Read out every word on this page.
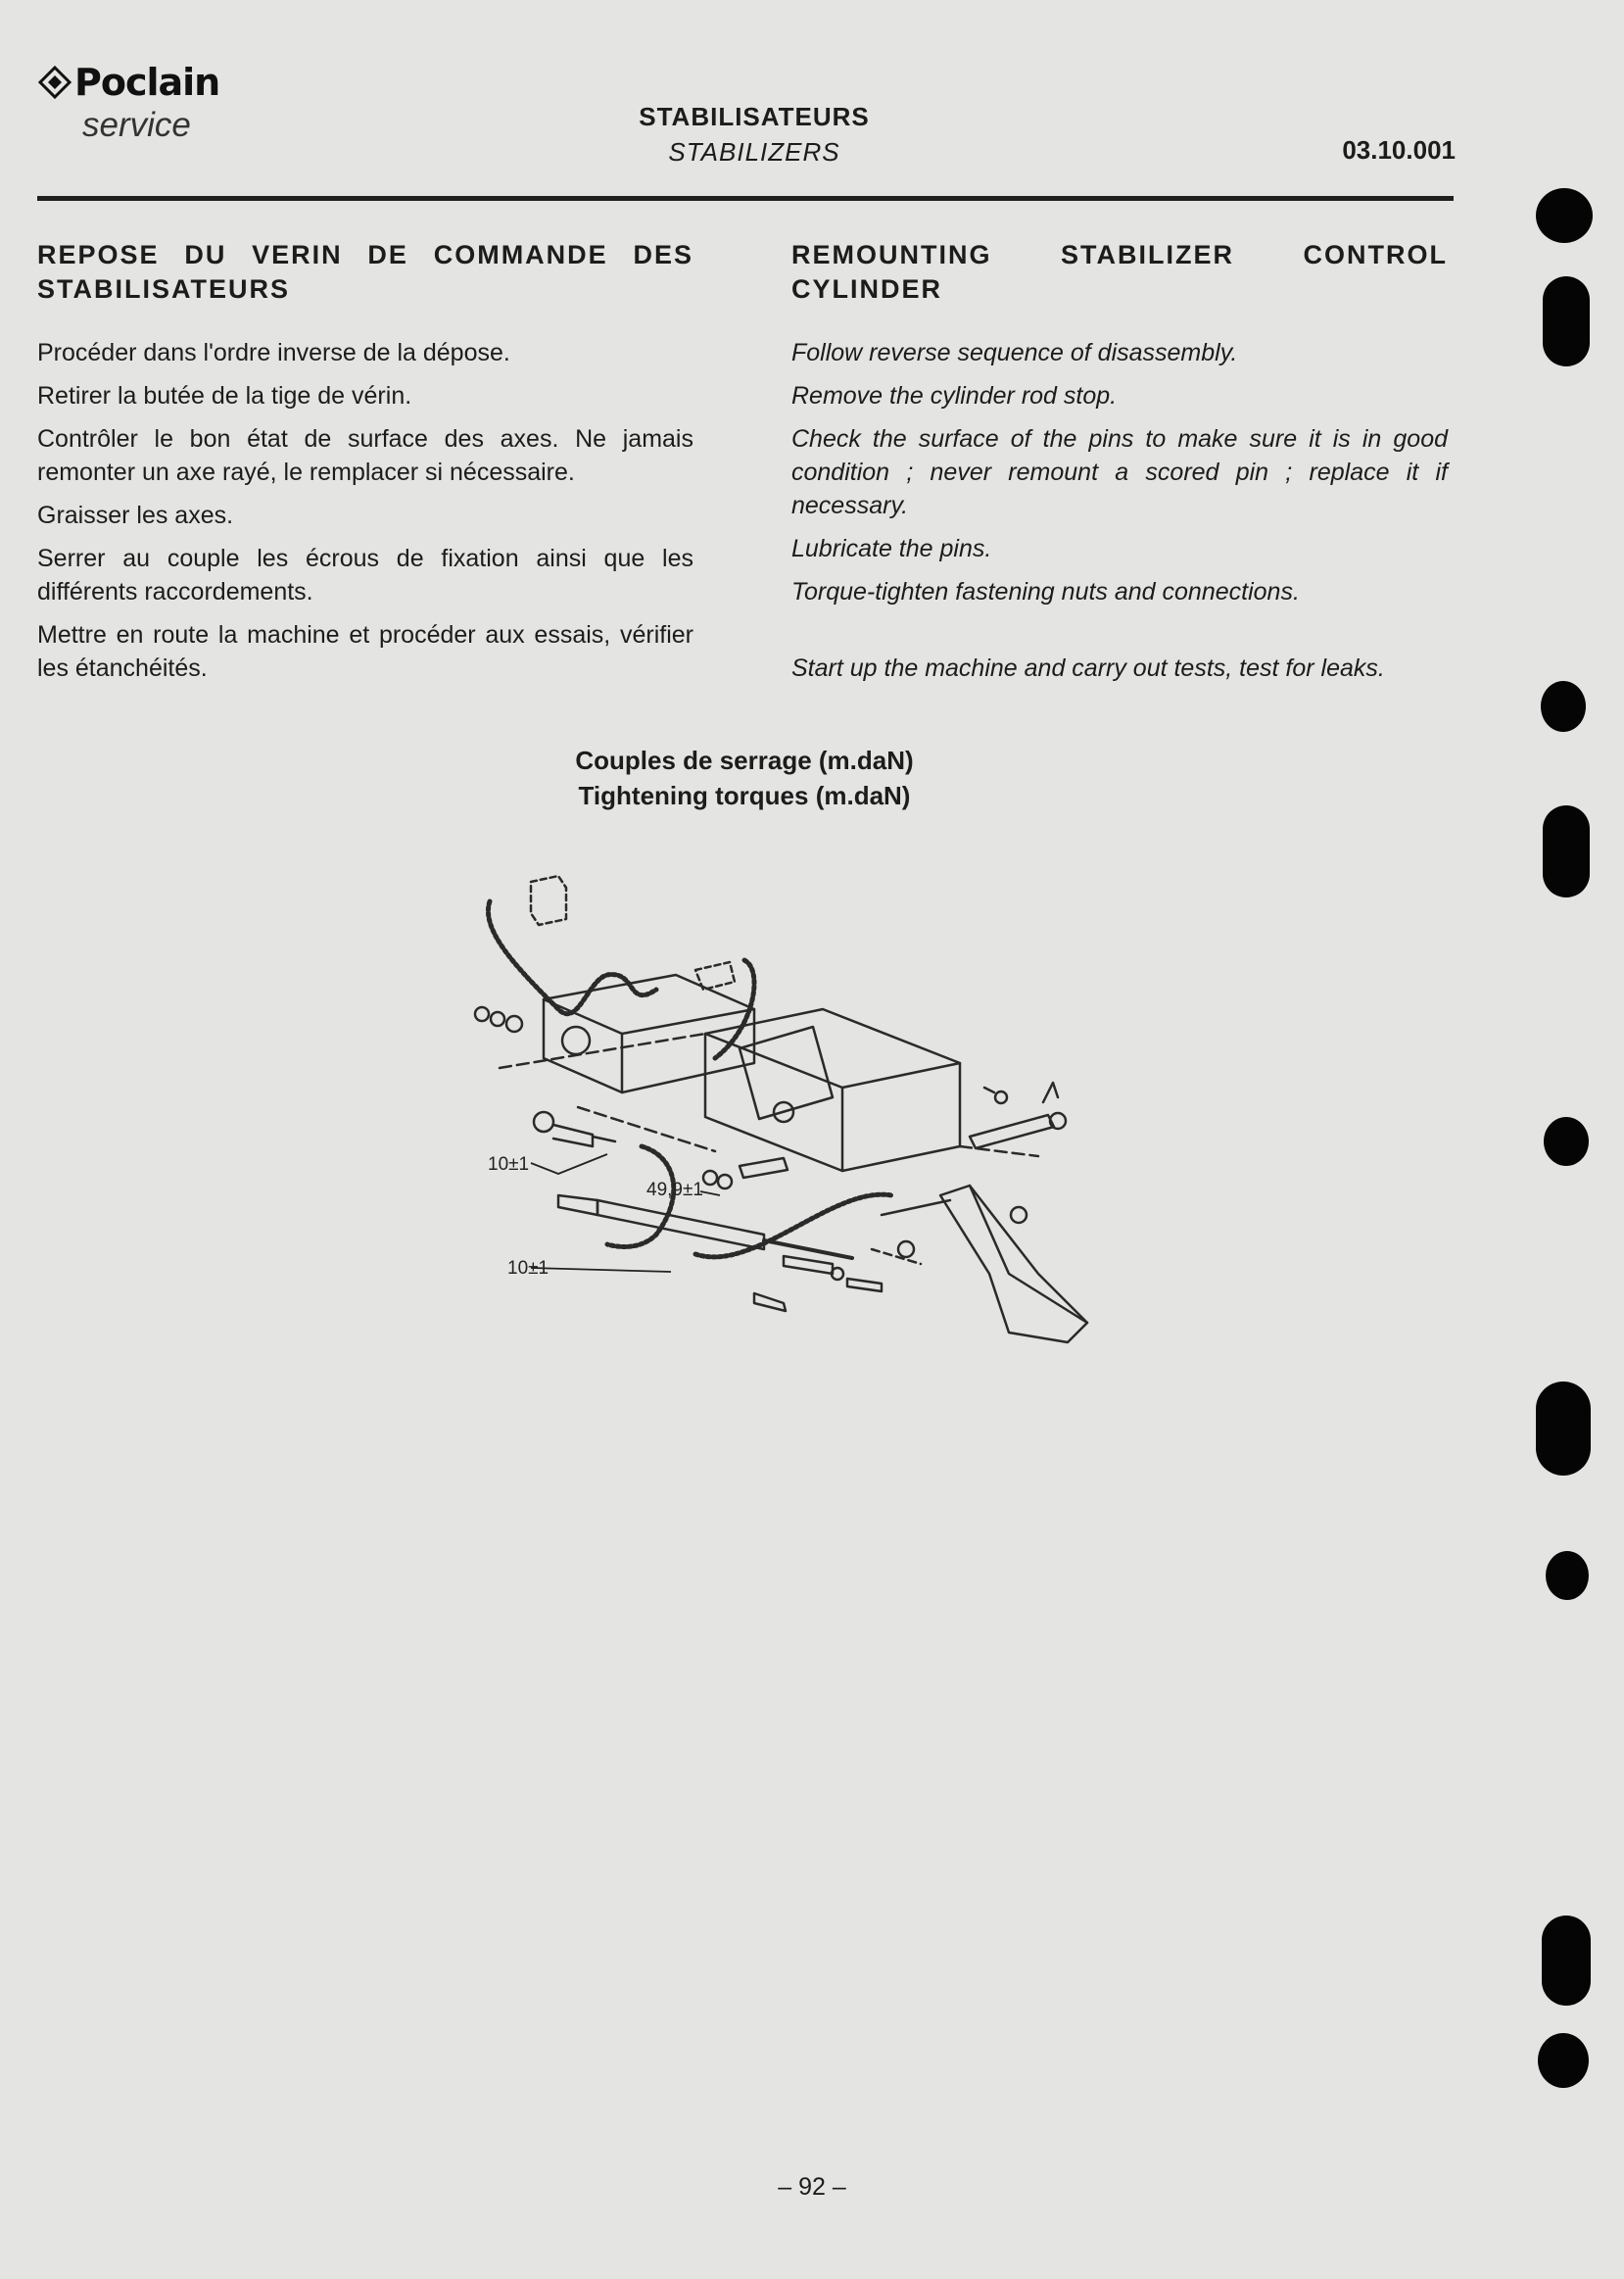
Poclain
service	STABILISATEURS
STABILIZERS	03.10.001

REPOSE DU VERIN DE COMMANDE DES STABILISATEURS

Procéder dans l'ordre inverse de la dépose.

Retirer la butée de la tige de vérin.

Contrôler le bon état de surface des axes. Ne jamais remonter un axe rayé, le remplacer si nécessaire.

Graisser les axes.

Serrer au couple les écrous de fixation ainsi que les différents raccordements.

Mettre en route la machine et procéder aux essais, vérifier les étanchéités.

REMOUNTING STABILIZER CONTROL CYLINDER

Follow reverse sequence of disassembly.

Remove the cylinder rod stop.

Check the surface of the pins to make sure it is in good condition ; never remount a scored pin ; replace it if necessary.

Lubricate the pins.

Torque-tighten fastening nuts and connections.

Start up the machine and carry out tests, test for leaks.

Couples de serrage (m.daN)
Tightening torques (m.daN)
10±1
49,9±1
10±1
– 92 –
